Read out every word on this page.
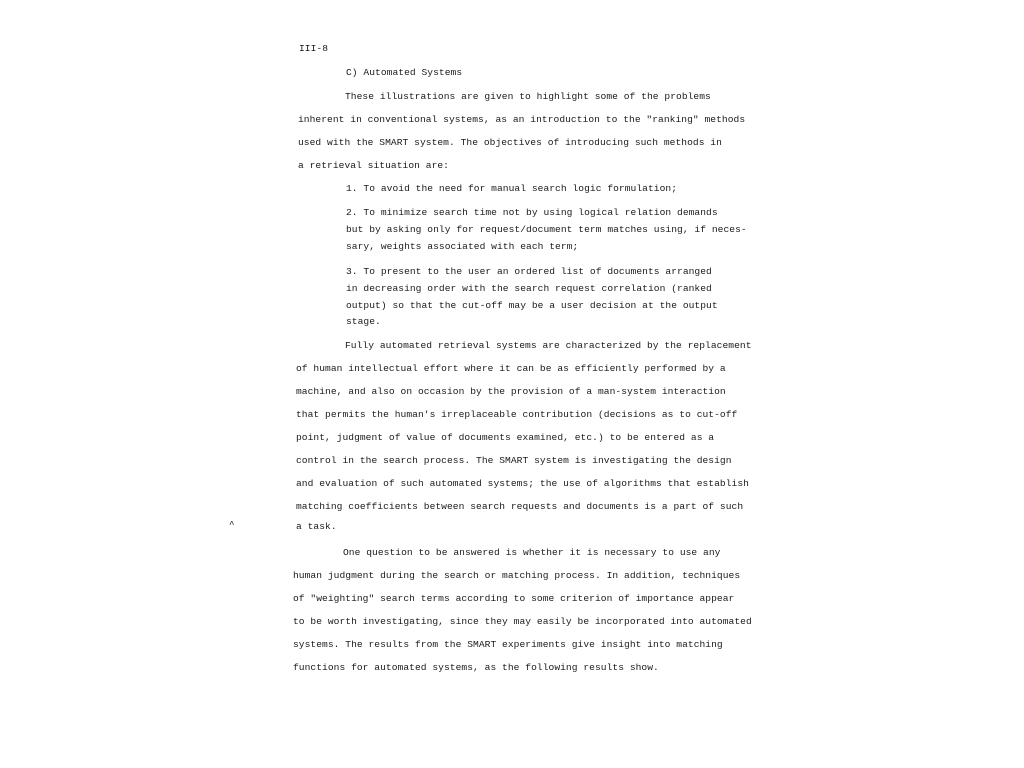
III-8
C) Automated Systems
These illustrations are given to highlight some of the problems
inherent in conventional systems, as an introduction to the "ranking" methods
used with the SMART system. The objectives of introducing such methods in
a retrieval situation are:
1. To avoid the need for manual search logic formulation;
2. To minimize search time not by using logical relation demands
but by asking only for request/document term matches using, if neces-
sary, weights associated with each term;
3. To present to the user an ordered list of documents arranged
in decreasing order with the search request correlation (ranked
output) so that the cut-off may be a user decision at the output
stage.
Fully automated retrieval systems are characterized by the replacement
of human intellectual effort where it can be as efficiently performed by a
machine, and also on occasion by the provision of a man-system interaction
that permits the human's irreplaceable contribution (decisions as to cut-off
point, judgment of value of documents examined, etc.) to be entered as a
control in the search process. The SMART system is investigating the design
and evaluation of such automated systems; the use of algorithms that establish
matching coefficients between search requests and documents is a part of such
a task.
^
One question to be answered is whether it is necessary to use any
human judgment during the search or matching process. In addition, techniques
of "weighting" search terms according to some criterion of importance appear
to be worth investigating, since they may easily be incorporated into automated
systems. The results from the SMART experiments give insight into matching
functions for automated systems, as the following results show.
